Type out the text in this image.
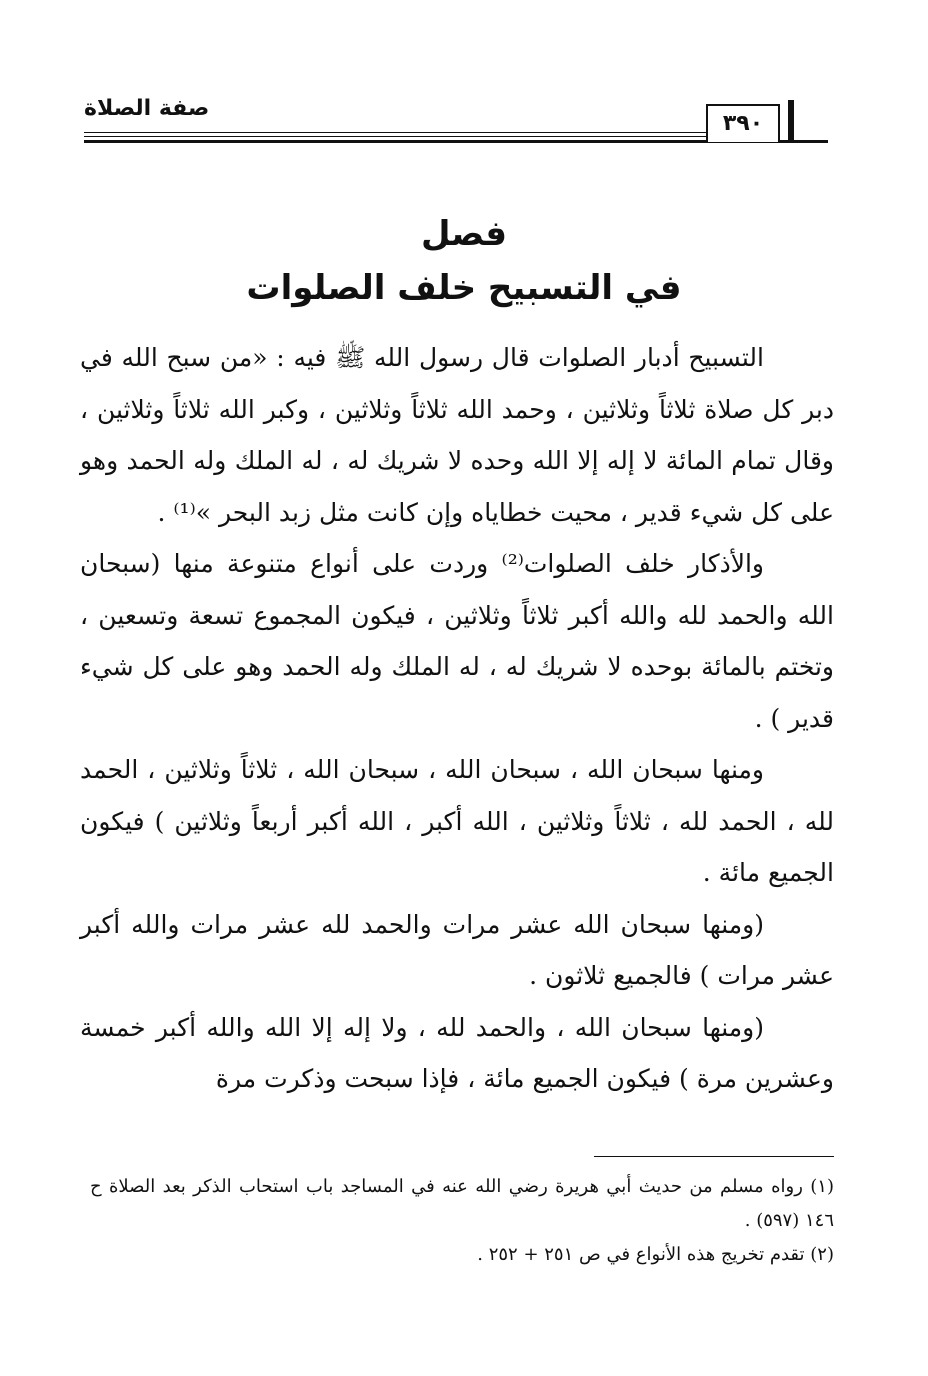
صفة الصلاة
٣٩٠
فصل
في التسبيح خلف الصلوات

التسبيح أدبار الصلوات قال رسول الله ﷺ فيه : «من سبح الله في دبر كل صلاة ثلاثاً وثلاثين ، وحمد الله ثلاثاً وثلاثين ، وكبر الله ثلاثاً وثلاثين ، وقال تمام المائة لا إله إلا الله وحده لا شريك له ، له الملك وله الحمد وهو على كل شيء قدير ، محيت خطاياه وإن كانت مثل زبد البحر »⁽¹⁾ .

والأذكار خلف الصلوات⁽²⁾ وردت على أنواع متنوعة منها (سبحان الله والحمد لله والله أكبر ثلاثاً وثلاثين ، فيكون المجموع تسعة وتسعين ، وتختم بالمائة بوحده لا شريك له ، له الملك وله الحمد وهو على كل شيء قدير ) .

ومنها سبحان الله ، سبحان الله ، سبحان الله ، ثلاثاً وثلاثين ، الحمد لله ، الحمد لله ، ثلاثاً وثلاثين ، الله أكبر ، الله أكبر أربعاً وثلاثين ) فيكون الجميع مائة .

(ومنها سبحان الله عشر مرات والحمد لله عشر مرات والله أكبر عشر مرات ) فالجميع ثلاثون .

(ومنها سبحان الله ، والحمد لله ، ولا إله إلا الله والله أكبر خمسة وعشرين مرة ) فيكون الجميع مائة ، فإذا سبحت وذكرت مرة

(١) رواه مسلم من حديث أبي هريرة رضي الله عنه في المساجد باب استحاب الذكر بعد الصلاة ح ١٤٦ (٥٩٧) .

(٢) تقدم تخريج هذه الأنواع في ص ٢٥١ + ٢٥٢ .
